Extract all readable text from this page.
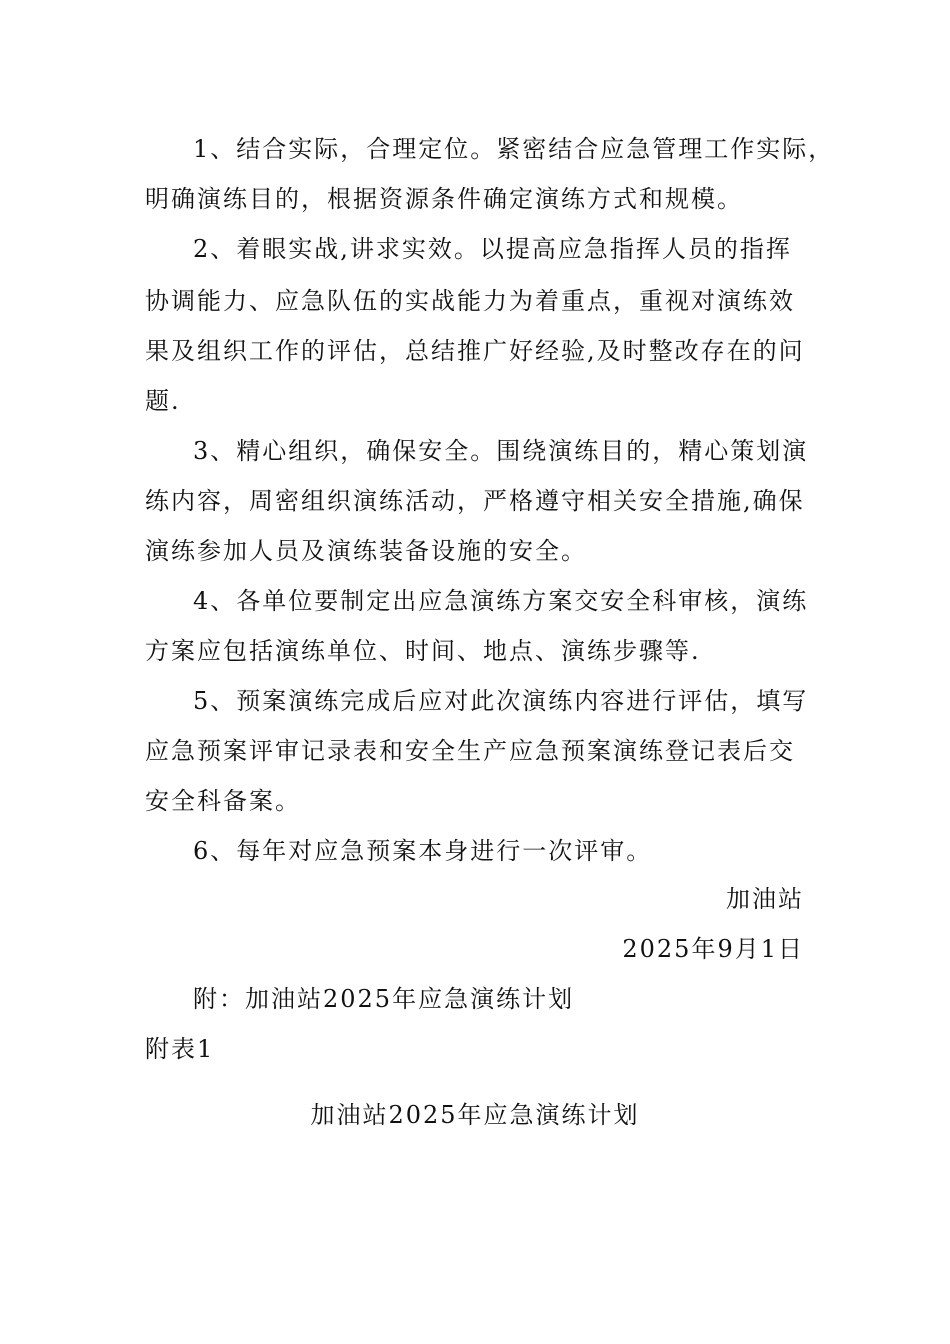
1、结合实际，合理定位。紧密结合应急管理工作实际，

明确演练目的，根据资源条件确定演练方式和规模。

2、着眼实战,讲求实效。以提高应急指挥人员的指挥

协调能力、应急队伍的实战能力为着重点，重视对演练效

果及组织工作的评估，总结推广好经验,及时整改存在的问

题.

3、精心组织，确保安全。围绕演练目的，精心策划演

练内容，周密组织演练活动，严格遵守相关安全措施,确保

演练参加人员及演练装备设施的安全。

4、各单位要制定出应急演练方案交安全科审核，演练

方案应包括演练单位、时间、地点、演练步骤等.

5、预案演练完成后应对此次演练内容进行评估，填写

应急预案评审记录表和安全生产应急预案演练登记表后交

安全科备案。

6、每年对应急预案本身进行一次评审。

加油站

2025年9月1日

附：加油站2025年应急演练计划

附表1

加油站2025年应急演练计划
